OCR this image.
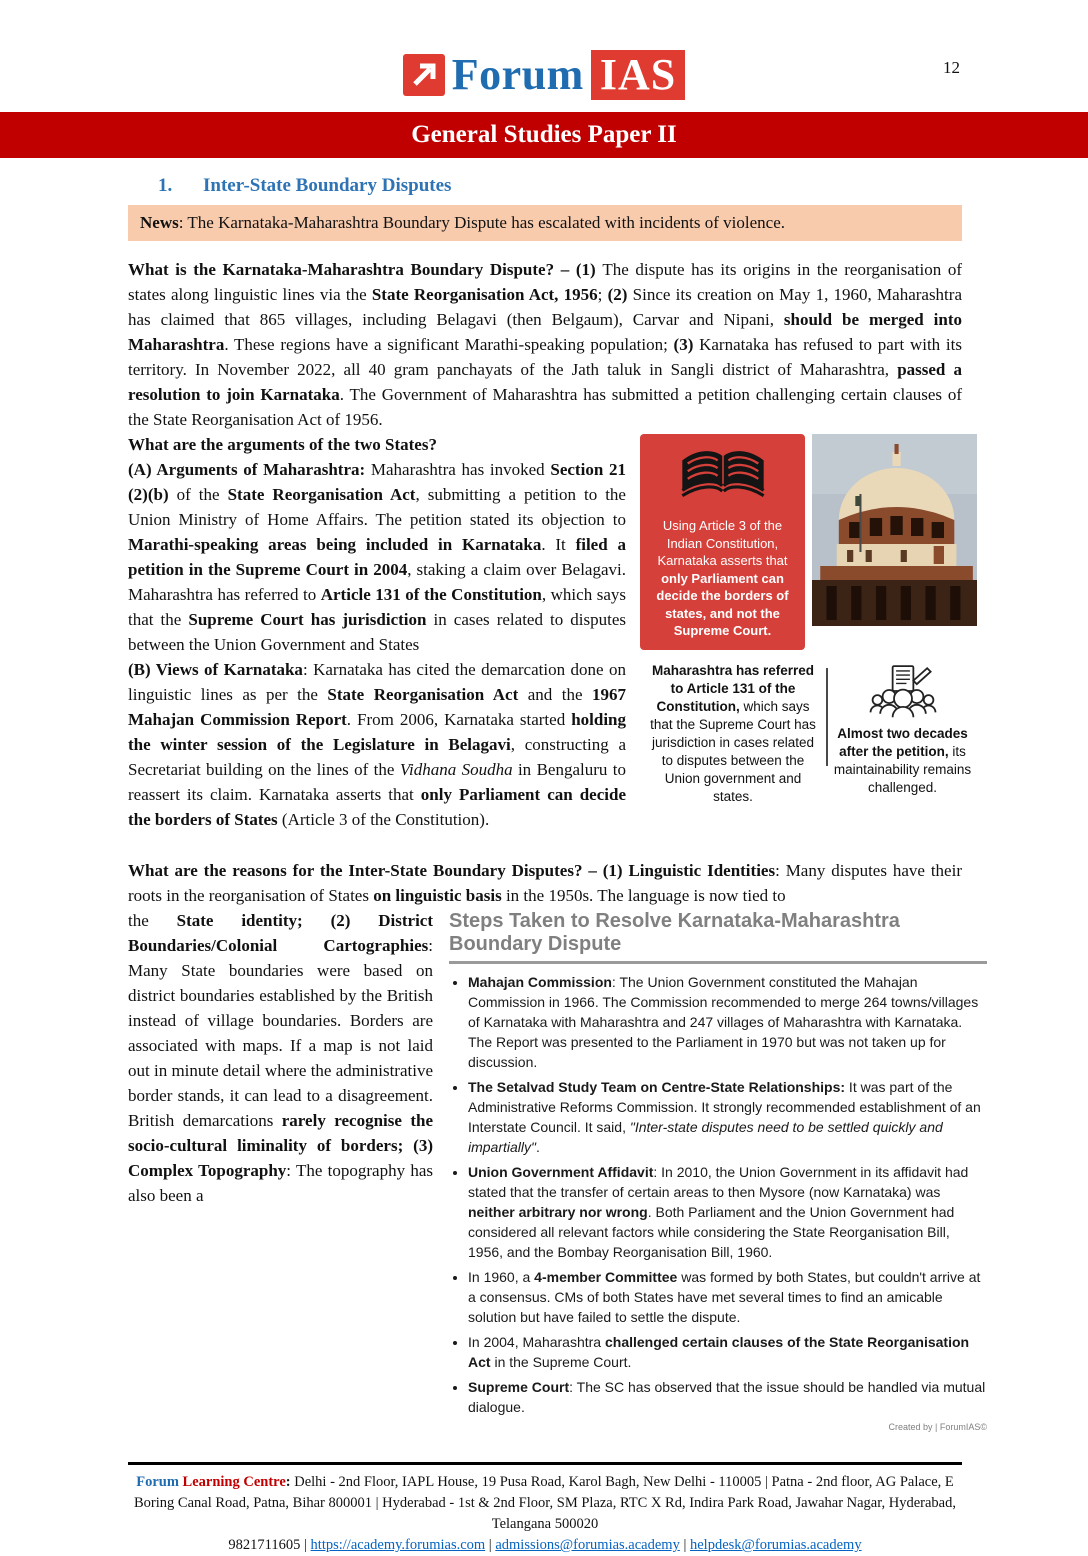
12
Forum IAS
General Studies Paper II
1. Inter-State Boundary Disputes

News: The Karnataka-Maharashtra Boundary Dispute has escalated with incidents of violence.

What is the Karnataka-Maharashtra Boundary Dispute? – (1) The dispute has its origins in the reorganisation of states along linguistic lines via the State Reorganisation Act, 1956; (2) Since its creation on May 1, 1960, Maharashtra has claimed that 865 villages, including Belagavi (then Belgaum), Carvar and Nipani, should be merged into Maharashtra. These regions have a significant Marathi-speaking population; (3) Karnataka has refused to part with its territory. In November 2022, all 40 gram panchayats of the Jath taluk in Sangli district of Maharashtra, passed a resolution to join Karnataka. The Government of Maharashtra has submitted a petition challenging certain clauses of the State Reorganisation Act of 1956.

Using Article 3 of the Indian Constitution, Karnataka asserts that only Parliament can decide the borders of states, and not the Supreme Court.

Maharashtra has referred to Article 131 of the Constitution, which says that the Supreme Court has jurisdiction in cases related to disputes between the Union government and states.

Almost two decades after the petition, its maintainability remains challenged.

What are the arguments of the two States?

(A) Arguments of Maharashtra: Maharashtra has invoked Section 21 (2)(b) of the State Reorganisation Act, submitting a petition to the Union Ministry of Home Affairs. The petition stated its objection to Marathi-speaking areas being included in Karnataka. It filed a petition in the Supreme Court in 2004, staking a claim over Belagavi. Maharashtra has referred to Article 131 of the Constitution, which says that the Supreme Court has jurisdiction in cases related to disputes between the Union Government and States

(B) Views of Karnataka: Karnataka has cited the demarcation done on linguistic lines as per the State Reorganisation Act and the 1967 Mahajan Commission Report. From 2006, Karnataka started holding the winter session of the Legislature in Belagavi, constructing a Secretariat building on the lines of the Vidhana Soudha in Bengaluru to reassert its claim. Karnataka asserts that only Parliament can decide the borders of States (Article 3 of the Constitution).

What are the reasons for the Inter-State Boundary Disputes? – (1) Linguistic Identities: Many disputes have their roots in the reorganisation of States on linguistic basis in the 1950s. The language is now tied to

Steps Taken to Resolve Karnataka-Maharashtra Boundary Dispute
• Mahajan Commission: The Union Government constituted the Mahajan Commission in 1966. The Commission recommended to merge 264 towns/villages of Karnataka with Maharashtra and 247 villages of Maharashtra with Karnataka. The Report was presented to the Parliament in 1970 but was not taken up for discussion.
• The Setalvad Study Team on Centre-State Relationships: It was part of the Administrative Reforms Commission. It strongly recommended establishment of an Interstate Council. It said, "Inter-state disputes need to be settled quickly and impartially".
• Union Government Affidavit: In 2010, the Union Government in its affidavit had stated that the transfer of certain areas to then Mysore (now Karnataka) was neither arbitrary nor wrong. Both Parliament and the Union Government had considered all relevant factors while considering the State Reorganisation Bill, 1956, and the Bombay Reorganisation Bill, 1960.
• In 1960, a 4-member Committee was formed by both States, but couldn't arrive at a consensus. CMs of both States have met several times to find an amicable solution but have failed to settle the dispute.
• In 2004, Maharashtra challenged certain clauses of the State Reorganisation Act in the Supreme Court.
• Supreme Court: The SC has observed that the issue should be handled via mutual dialogue.
Created by | ForumIAS©

the State identity; (2) District Boundaries/Colonial Cartographies: Many State boundaries were based on district boundaries established by the British instead of village boundaries. Borders are associated with maps. If a map is not laid out in minute detail where the administrative border stands, it can lead to a disagreement. British demarcations rarely recognise the socio-cultural liminality of borders; (3) Complex Topography: The topography has also been a

Forum Learning Centre: Delhi - 2nd Floor, IAPL House, 19 Pusa Road, Karol Bagh, New Delhi - 110005 | Patna - 2nd floor, AG Palace, E Boring Canal Road, Patna, Bihar 800001 | Hyderabad - 1st & 2nd Floor, SM Plaza, RTC X Rd, Indira Park Road, Jawahar Nagar, Hyderabad, Telangana 500020

9821711605 | https://academy.forumias.com | admissions@forumias.academy | helpdesk@forumias.academy
